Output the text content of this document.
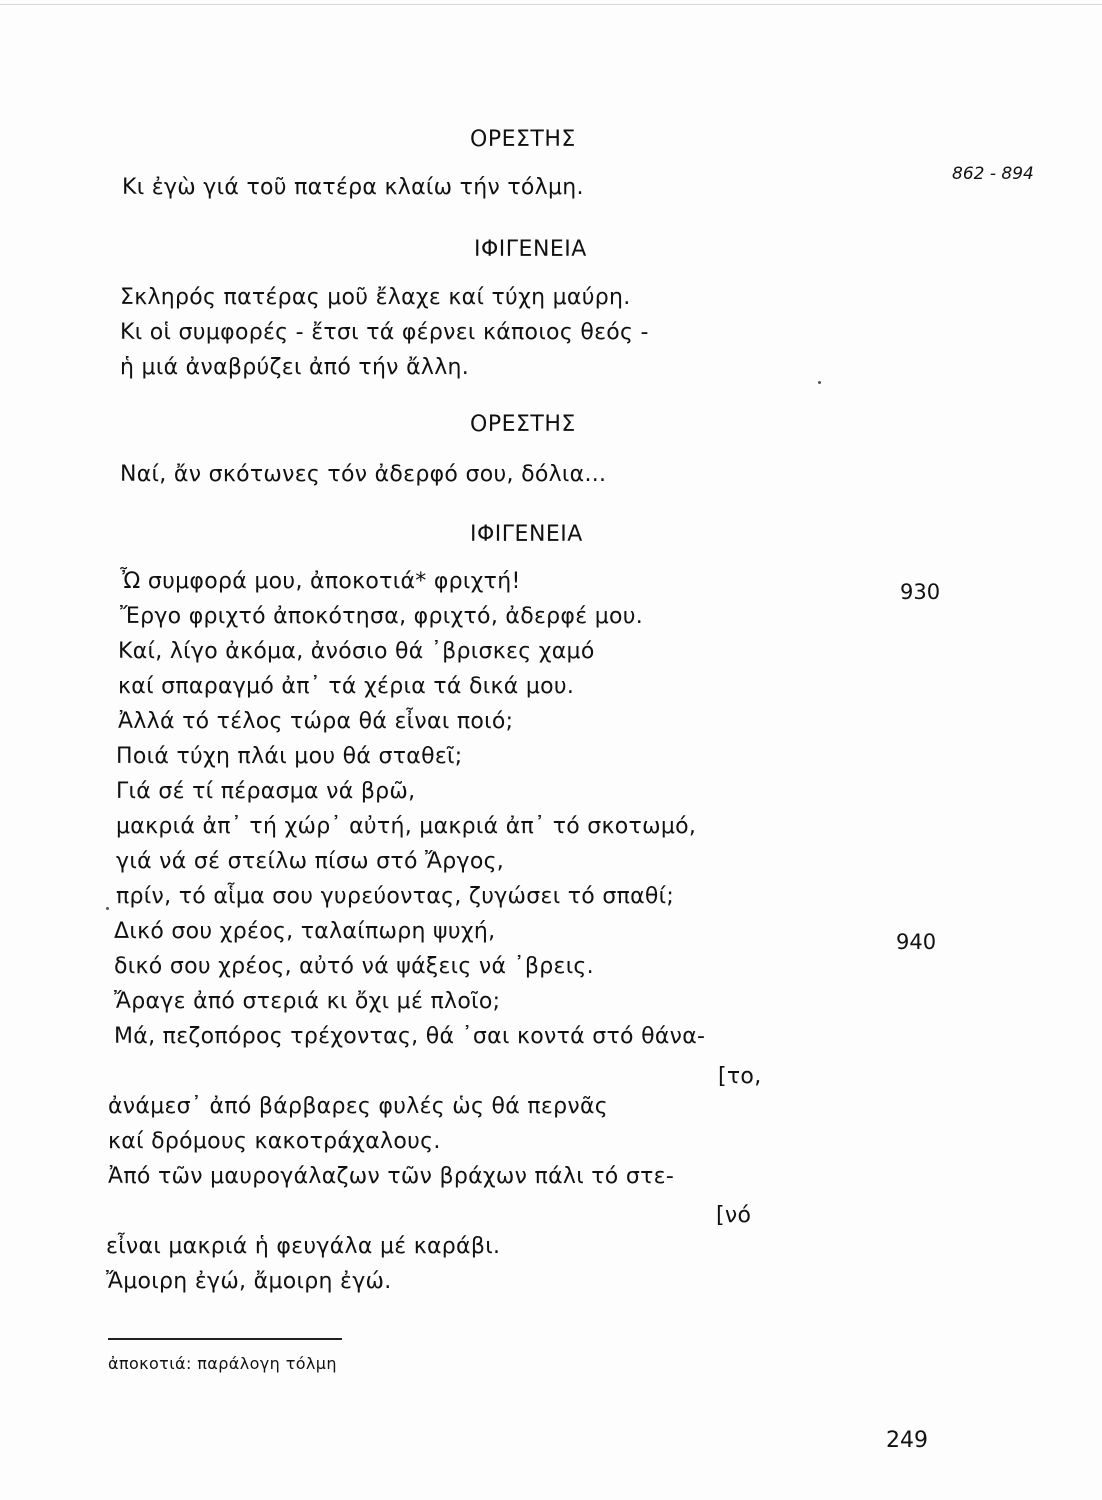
862 - 894
ΟΡΕΣΤΗΣ
Κι ἐγὼ γιά τοῦ πατέρα κλαίω τήν τόλμη.
ΙΦΙΓΕΝΕΙΑ
Σκληρός πατέρας μοῦ ἔλαχε καί τύχη μαύρη.
Κι οἱ συμφορές - ἔτσι τά φέρνει κάποιος θεός -
ἡ μιά ἀναβρύζει ἀπό τήν ἄλλη.
ΟΡΕΣΤΗΣ
Ναί, ἄν σκότωνες τόν ἀδερφό σου, δόλια...
ΙΦΙΓΕΝΕΙΑ
Ὦ συμφορά μου, ἀποκοτιά* φριχτή!
Ἔργο φριχτό ἀποκότησα, φριχτό, ἀδερφέ μου.
Καί, λίγο ἀκόμα, ἀνόσιο θά ᾽βρισκες χαμό
καί σπαραγμό ἀπ᾽ τά χέρια τά δικά μου.
Ἀλλά τό τέλος τώρα θά εἶναι ποιό;
Ποιά τύχη πλάι μου θά σταθεῖ;
Γιά σέ τί πέρασμα νά βρῶ,
μακριά ἀπ᾽ τή χώρ᾽ αὐτή, μακριά ἀπ᾽ τό σκοτωμό,
γιά νά σέ στείλω πίσω στό Ἄργος,
πρίν, τό αἷμα σου γυρεύοντας, ζυγώσει τό σπαθί;
Δικό σου χρέος, ταλαίπωρη ψυχή,
δικό σου χρέος, αὐτό νά ψάξεις νά ᾽βρεις.
Ἄραγε ἀπό στεριά κι ὄχι μέ πλοῖο;
Μά, πεζοπόρος τρέχοντας, θά ᾽σαι κοντά στό θάνα-
[το,
ἀνάμεσ᾽ ἀπό βάρβαρες φυλές ὡς θά περνᾶς
καί δρόμους κακοτράχαλους.
Ἀπό τῶν μαυρογάλαζων τῶν βράχων πάλι τό στε-
[νό
εἶναι μακριά ἡ φευγάλα μέ καράβι.
Ἄμοιρη ἐγώ, ἄμοιρη ἐγώ.
930
940
ἀποκοτιά: παράλογη τόλμη
249
